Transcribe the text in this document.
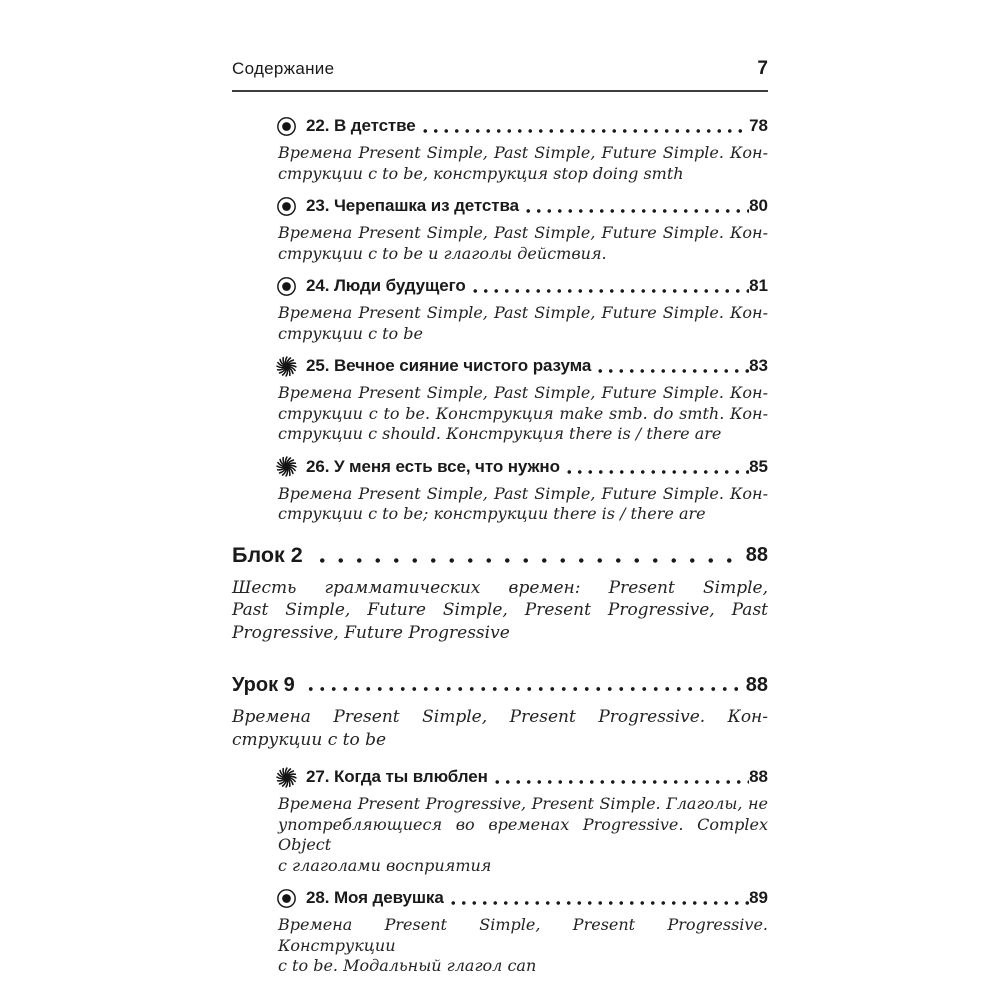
Содержание	7
22. В детстве	78
Времена Present Simple, Past Simple, Future Simple. Кон-
струкции с to be, конструкция stop doing smth
23. Черепашка из детства	80
Времена Present Simple, Past Simple, Future Simple. Кон-
струкции с to be и глаголы действия.
24. Люди будущего	81
Времена Present Simple, Past Simple, Future Simple. Кон-
струкции с to be
25. Вечное сияние чистого разума	83
Времена Present Simple, Past Simple, Future Simple. Кон-
струкции с to be. Конструкция make smb. do smth. Кон-
струкции с should. Конструкция there is / there are
26. У меня есть все, что нужно	85
Времена Present Simple, Past Simple, Future Simple. Кон-
струкции с to be; конструкции there is / there are
Блок 2	88
Шесть грамматических времен: Present Simple,
Past Simple, Future Simple, Present Progressive, Past
Progressive, Future Progressive
Урок 9	88
Времена Present Simple, Present Progressive. Кон-
струкции с to be
27. Когда ты влюблен	88
Времена Present Progressive, Present Simple. Глаголы, не
употребляющиеся во временах Progressive. Complex Object
с глаголами восприятия
28. Моя девушка	89
Времена Present Simple, Present Progressive. Конструкции
с to be. Модальный глагол can
